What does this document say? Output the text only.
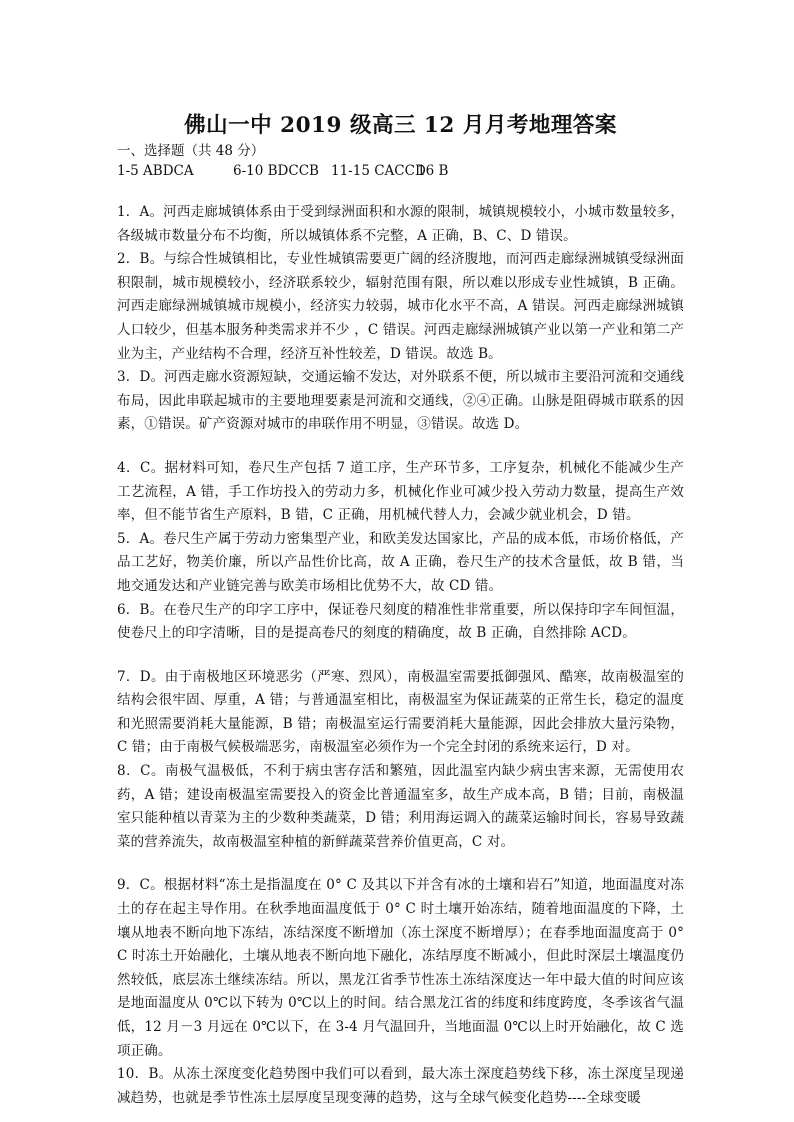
佛山一中 2019 级高三 12 月月考地理答案
一、选择题（共 48 分）
1-5 ABDCA	6-10 BDCCB 11-15 CACCD
16 B

1．A。河西走廊城镇体系由于受到绿洲面积和水源的限制，城镇规模较小，小城市数量较多，各级城市数量分布不均衡，所以城镇体系不完整，A 正确，B、C、D 错误。

2．B。与综合性城镇相比，专业性城镇需要更广阔的经济腹地，而河西走廊绿洲城镇受绿洲面积限制，城市规模较小，经济联系较少，辐射范围有限，所以难以形成专业性城镇，B 正确。河西走廊绿洲城镇城市规模小，经济实力较弱，城市化水平不高，A 错误。河西走廊绿洲城镇人口较少，但基本服务种类需求并不少 ，C 错误。河西走廊绿洲城镇产业以第一产业和第二产业为主，产业结构不合理，经济互补性较差，D 错误。故选 B。

3．D。河西走廊水资源短缺，交通运输不发达，对外联系不便，所以城市主要沿河流和交通线布局，因此串联起城市的主要地理要素是河流和交通线，②④正确。山脉是阻碍城市联系的因素，①错误。矿产资源对城市的串联作用不明显，③错误。故选 D。

4．C。据材料可知，卷尺生产包括 7 道工序，生产环节多，工序复杂，机械化不能减少生产工艺流程，A 错，手工作坊投入的劳动力多，机械化作业可减少投入劳动力数量，提高生产效率，但不能节省生产原料，B 错，C 正确，用机械代替人力，会减少就业机会，D 错。

5．A。卷尺生产属于劳动力密集型产业，和欧美发达国家比，产品的成本低，市场价格低，产品工艺好，物美价廉，所以产品性价比高，故 A 正确，卷尺生产的技术含量低，故 B 错，当地交通发达和产业链完善与欧美市场相比优势不大，故 CD 错。

6．B。在卷尺生产的印字工序中，保证卷尺刻度的精准性非常重要，所以保持印字车间恒温，使卷尺上的印字清晰，目的是提高卷尺的刻度的精确度，故 B 正确，自然排除 ACD。

7．D。由于南极地区环境恶劣（严寒、烈风），南极温室需要抵御强风、酷寒，故南极温室的结构会很牢固、厚重，A 错；与普通温室相比，南极温室为保证蔬菜的正常生长，稳定的温度和光照需要消耗大量能源，B 错；南极温室运行需要消耗大量能源，因此会排放大量污染物，C 错；由于南极气候极端恶劣，南极温室必须作为一个完全封闭的系统来运行，D 对。

8．C。南极气温极低，不利于病虫害存活和繁殖，因此温室内缺少病虫害来源，无需使用农药，A 错；建设南极温室需要投入的资金比普通温室多，故生产成本高，B 错；目前，南极温室只能种植以青菜为主的少数种类蔬菜，D 错；利用海运调入的蔬菜运输时间长，容易导致蔬菜的营养流失，故南极温室种植的新鲜蔬菜营养价值更高，C 对。

9．C。根据材料“冻土是指温度在 0° C 及其以下并含有冰的土壤和岩石”知道，地面温度对冻土的存在起主导作用。在秋季地面温度低于 0° C 时土壤开始冻结，随着地面温度的下降，土壤从地表不断向地下冻结，冻结深度不断增加（冻土深度不断增厚）；在春季地面温度高于 0° C 时冻土开始融化，土壤从地表不断向地下融化，冻结厚度不断减小，但此时深层土壤温度仍然较低，底层冻土继续冻结。所以，黑龙江省季节性冻土冻结深度达一年中最大值的时间应该是地面温度从 0℃以下转为 0℃以上的时间。结合黑龙江省的纬度和纬度跨度，冬季该省气温低，12 月－3 月远在 0℃以下，在 3-4 月气温回升，当地面温 0℃以上时开始融化，故 C 选项正确。

10．B。从冻土深度变化趋势图中我们可以看到，最大冻土深度趋势线下移，冻土深度呈现递减趋势，也就是季节性冻土层厚度呈现变薄的趋势，这与全球气候变化趋势----全球变暖
